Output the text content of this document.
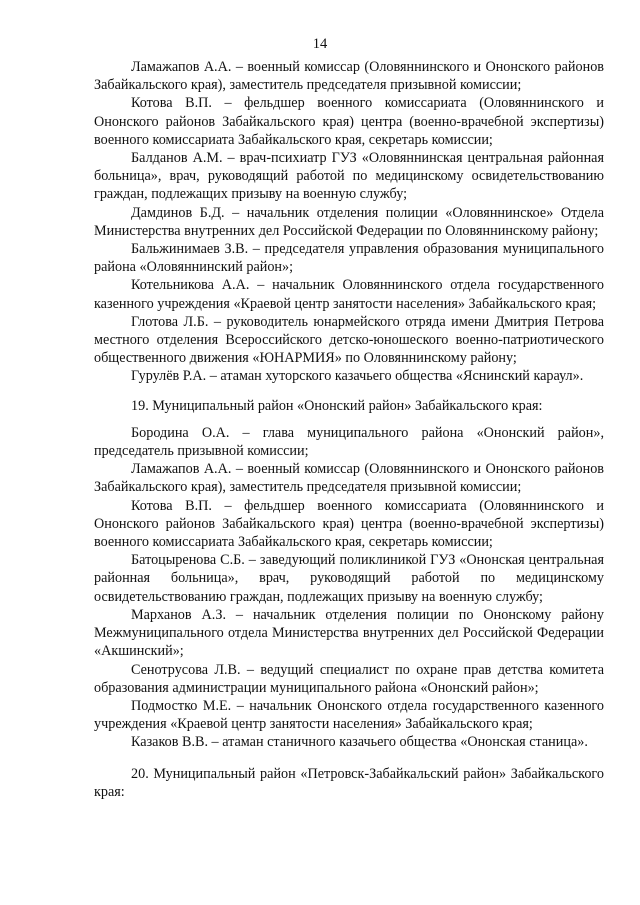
14

Ламажапов А.А. – военный комиссар (Оловяннинского и Ононского районов Забайкальского края), заместитель председателя призывной комиссии;

Котова В.П. – фельдшер военного комиссариата (Оловяннинского и Ононского районов Забайкальского края) центра (военно-врачебной экспертизы) военного комиссариата Забайкальского края, секретарь комиссии;

Балданов А.М. – врач-психиатр ГУЗ «Оловяннинская центральная районная больница», врач, руководящий работой по медицинскому освидетельствованию граждан, подлежащих призыву на военную службу;

Дамдинов Б.Д. – начальник отделения полиции «Оловяннинское» Отдела Министерства внутренних дел Российской Федерации по Оловяннинскому району;

Бальжинимаев З.В. – председателя управления образования муниципального района «Оловяннинский район»;

Котельникова А.А. – начальник Оловяннинского отдела государственного казенного учреждения «Краевой центр занятости населения» Забайкальского края;

Глотова Л.Б. – руководитель юнармейского отряда имени Дмитрия Петрова местного отделения Всероссийского детско-юношеского военно-патриотического общественного движения «ЮНАРМИЯ» по Оловяннинскому району;

Гурулёв Р.А. – атаман хуторского казачьего общества «Яснинский караул».

19. Муниципальный район «Ононский район» Забайкальского края:

Бородина О.А. – глава муниципального района «Ононский район», председатель призывной комиссии;

Ламажапов А.А. – военный комиссар (Оловяннинского и Ононского районов Забайкальского края), заместитель председателя призывной комиссии;

Котова В.П. – фельдшер военного комиссариата (Оловяннинского и Ононского районов Забайкальского края) центра (военно-врачебной экспертизы) военного комиссариата Забайкальского края, секретарь комиссии;

Батоцыренова С.Б. – заведующий поликлиникой ГУЗ «Ононская центральная районная больница», врач, руководящий работой по медицинскому освидетельствованию граждан, подлежащих призыву на военную службу;

Марханов А.З. – начальник отделения полиции по Ононскому району Межмуниципального отдела Министерства внутренних дел Российской Федерации «Акшинский»;

Сенотрусова Л.В. – ведущий специалист по охране прав детства комитета образования администрации муниципального района «Ононский район»;

Подмостко М.Е. – начальник Ононского отдела государственного казенного учреждения «Краевой центр занятости населения» Забайкальского края;

Казаков В.В. – атаман станичного казачьего общества «Ононская станица».

20. Муниципальный район «Петровск-Забайкальский район» Забайкальского края:
